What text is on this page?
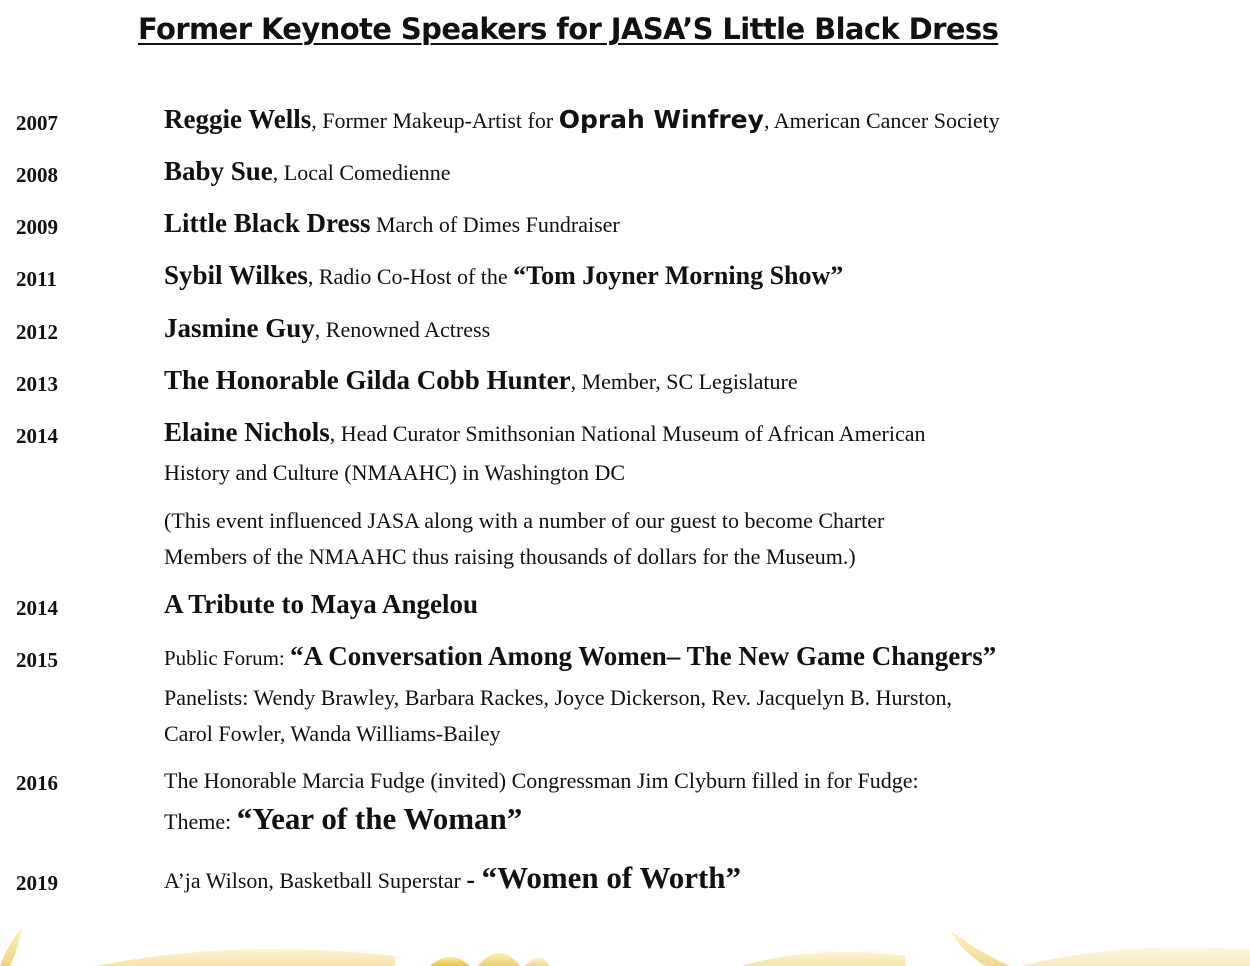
Former Keynote Speakers for JASA’S Little Black Dress
2007
2008
2009
2011
2012
2013
2014
2014
2015
2016
2019
Reggie Wells, Former Makeup-Artist for Oprah Winfrey, American Cancer Society
Baby Sue, Local Comedienne
Little Black Dress March of Dimes Fundraiser
Sybil Wilkes, Radio Co-Host of the “Tom Joyner Morning Show”
Jasmine Guy, Renowned Actress
The Honorable Gilda Cobb Hunter, Member, SC Legislature
Elaine Nichols, Head Curator Smithsonian National Museum of African American
History and Culture (NMAAHC) in Washington DC
(This event influenced JASA along with a number of our guest to become Charter
Members of the NMAAHC thus raising thousands of dollars for the Museum.)
A Tribute to Maya Angelou
Public Forum: “A Conversation Among Women– The New Game Changers”
Panelists: Wendy Brawley, Barbara Rackes, Joyce Dickerson, Rev. Jacquelyn B. Hurston,
Carol Fowler, Wanda Williams-Bailey
The Honorable Marcia Fudge (invited) Congressman Jim Clyburn filled in for Fudge:
Theme: “Year of the Woman”
A’ja Wilson, Basketball Superstar - “Women of Worth”
